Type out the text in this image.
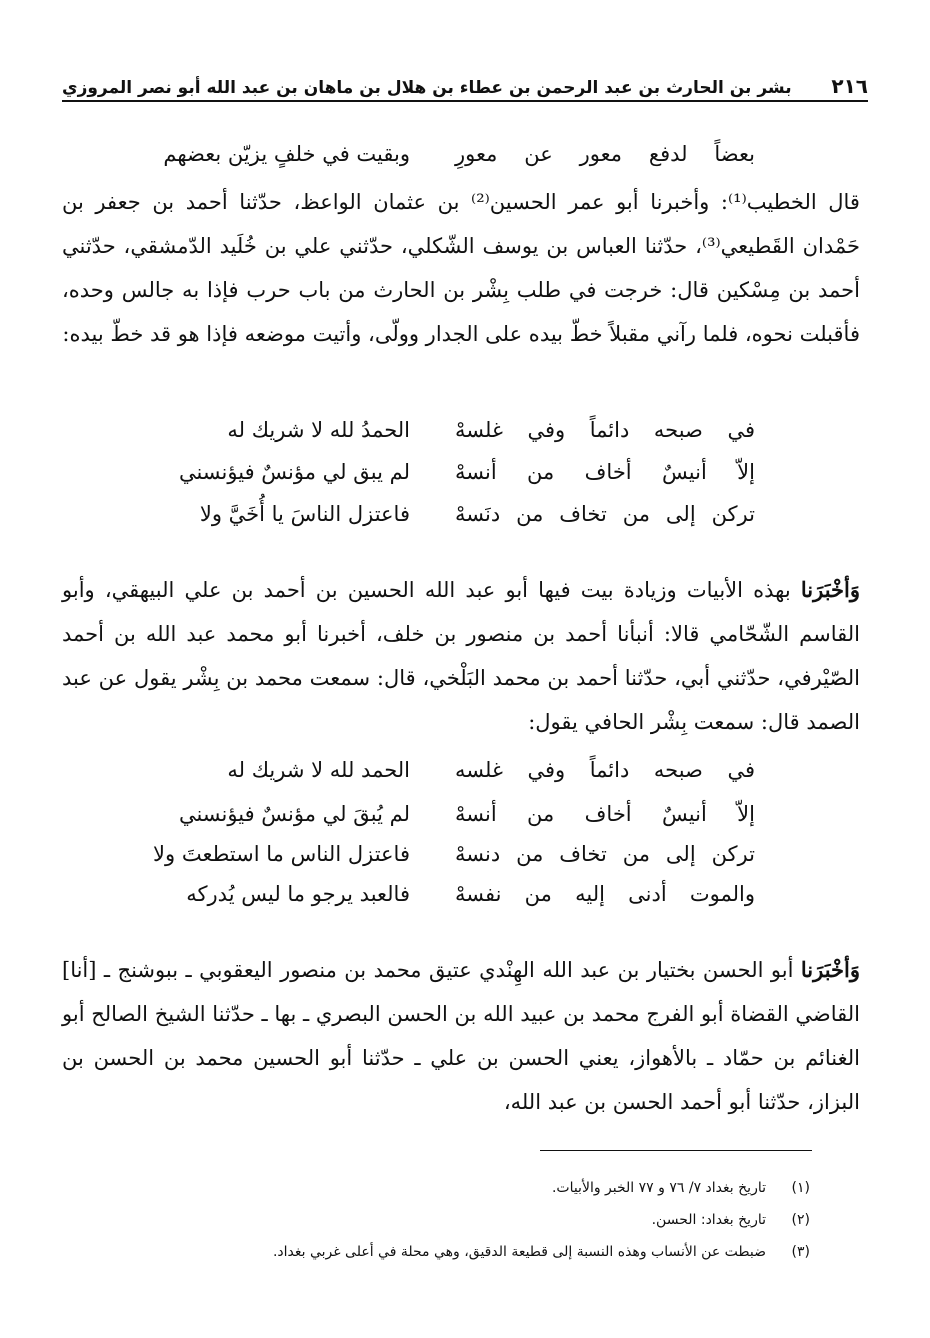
٢١٦
بشر بن الحارث بن عبد الرحمن بن عطاء بن هلال بن ماهان بن عبد الله أبو نصر المروزي
وبقيت في خلفٍ يزيّن بعضهم بعضاً لدفع معور عن معورِ
قال الخطيب⁽¹⁾: وأخبرنا أبو عمر الحسين⁽²⁾ بن عثمان الواعظ، حدّثنا أحمد بن جعفر بن حَمْدان القَطيعي⁽³⁾، حدّثنا العباس بن يوسف الشّكلي، حدّثني علي بن خُلَيد الدّمشقي، حدّثني أحمد بن مِسْكين قال: خرجت في طلب بِشْر بن الحارث من باب حرب فإذا به جالس وحده، فأقبلت نحوه، فلما رآني مقبلاً خطّ بيده على الجدار وولّى، وأتيت موضعه فإذا هو قد خطّ بيده:
الحمدُ لله لا شريك له في صبحه دائماً وفي غلسهْ
لم يبق لي مؤنسٌ فيؤنسني إلاّ أنيسٌ أخاف من أنسهْ
فاعتزل الناسَ يا أُخَيَّ ولا تركن إلى من تخاف من دنَسهْ
وَأخْبَرَنا بهذه الأبيات وزيادة بيت فيها أبو عبد الله الحسين بن أحمد بن علي البيهقي، وأبو القاسم الشّحّامي قالا: أنبأنا أحمد بن منصور بن خلف، أخبرنا أبو محمد عبد الله بن أحمد الصّيْرفي، حدّثني أبي، حدّثنا أحمد بن محمد البَلْخي، قال: سمعت محمد بن بِشْر يقول عن عبد الصمد قال: سمعت بِشْر الحافي يقول:
الحمد لله لا شريك له في صبحه دائماً وفي غلسه
لم يُبقَ لي مؤنسٌ فيؤنسني إلاّ أنيسٌ أخاف من أنسهْ
فاعتزل الناس ما استطعتَ ولا تركن إلى من تخاف من دنسهْ
فالعبد يرجو ما ليس يُدركه والموت أدنى إليه من نفسهْ
وَأخْبَرَنا أبو الحسن بختيار بن عبد الله الهِنْدي عتيق محمد بن منصور اليعقوبي ـ ببوشنج ـ [أنا] القاضي القضاة أبو الفرج محمد بن عبيد الله بن الحسن البصري ـ بها ـ حدّثنا الشيخ الصالح أبو الغنائم بن حمّاد ـ بالأهواز، يعني الحسن بن علي ـ حدّثنا أبو الحسين محمد بن الحسن بن البزاز، حدّثنا أبو أحمد الحسن بن عبد الله،
(١)
تاريخ بغداد ٧/ ٧٦ و ٧٧ الخبر والأبيات.
(٢)
تاريخ بغداد: الحسن.
(٣)
ضبطت عن الأنساب وهذه النسبة إلى قطيعة الدقيق، وهي محلة في أعلى غربي بغداد.
